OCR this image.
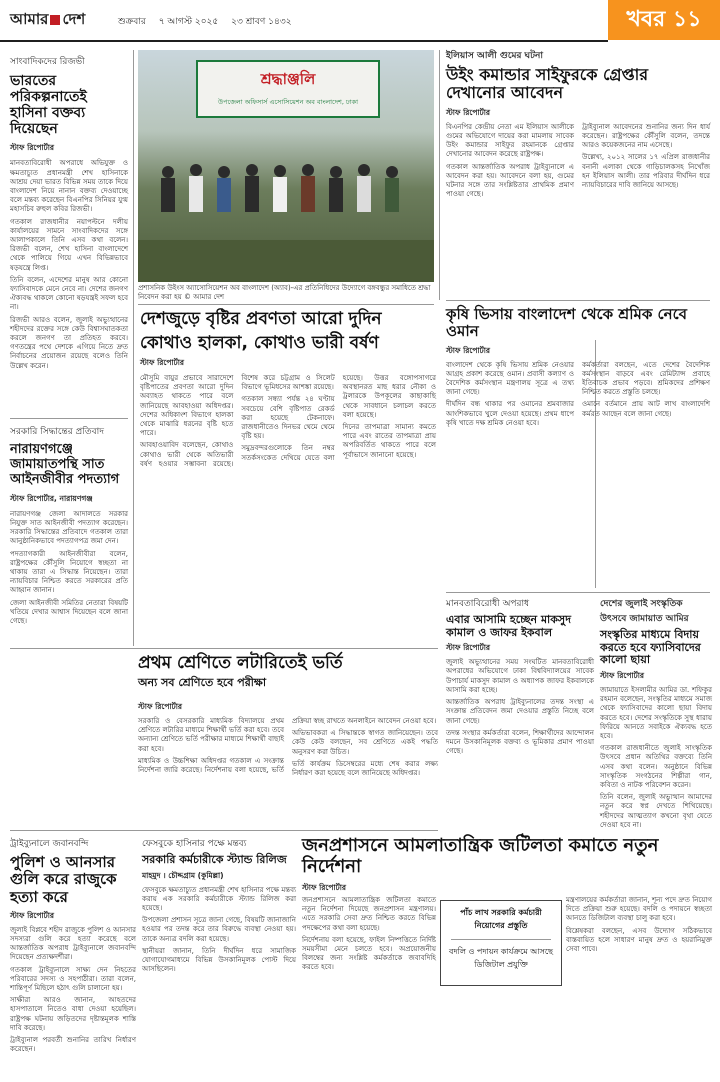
আমার দেশ	শুক্রবার ৭ আগস্ট ২০২৫ ২৩ শ্রাবণ ১৪৩২	খবর ১১
সাংবাদিকদের রিজভী
ভারতের পরিকল্পনাতেই হাসিনা বক্তব্য দিয়েছেন
স্টাফ রিপোর্টার

মানবতাবিরোধী অপরাধে অভিযুক্ত ও ক্ষমতাচ্যুত প্রধানমন্ত্রী শেখ হাসিনাকে আশ্রয় দেয়া ভারত বিভিন্ন সময় তাকে দিয়ে বাংলাদেশ নিয়ে নানান বক্তব্য দেওয়াচ্ছে বলে মন্তব্য করেছেন বিএনপির সিনিয়র যুগ্ম মহাসচিব রুহুল কবির রিজভী।

গতকাল রাজধানীর নয়াপল্টনে দলীয় কার্যালয়ের সামনে সাংবাদিকদের সঙ্গে আলাপকালে তিনি এসব কথা বলেন। রিজভী বলেন, শেখ হাসিনা বাংলাদেশে থেকে পালিয়ে গিয়ে এখন বিভিন্নভাবে ষড়যন্ত্রে লিপ্ত।

তিনি বলেন, এদেশের মানুষ আর কোনো ফ্যাসিবাদকে মেনে নেবে না। দেশের জনগণ ঐক্যবদ্ধ থাকলে কোনো ষড়যন্ত্রই সফল হবে না।

রিজভী আরও বলেন, জুলাই অভ্যুত্থানের শহীদদের রক্তের সঙ্গে কেউ বিশ্বাসঘাতকতা করলে জনগণ তা প্রতিহত করবে। গণতন্ত্রের পথে দেশকে এগিয়ে নিতে দ্রুত নির্বাচনের প্রয়োজন রয়েছে বলেও তিনি উল্লেখ করেন।

সরকারি সিদ্ধান্তের প্রতিবাদ
নারায়ণগঞ্জে জামায়াতপন্থি সাত আইনজীবীর পদত্যাগ
স্টাফ রিপোর্টার, নারায়ণগঞ্জ

নারায়ণগঞ্জ জেলা আদালতে সরকার নিযুক্ত সাত আইনজীবী পদত্যাগ করেছেন। সরকারি সিদ্ধান্তের প্রতিবাদে গতকাল তারা আনুষ্ঠানিকভাবে পদত্যাগপত্র জমা দেন।

পদত্যাগকারী আইনজীবীরা বলেন, রাষ্ট্রপক্ষের কৌঁসুলি নিয়োগে স্বচ্ছতা না থাকায় তারা এ সিদ্ধান্ত নিয়েছেন। তারা ন্যায়বিচার নিশ্চিত করতে সরকারের প্রতি আহ্বান জানান।

জেলা আইনজীবী সমিতির নেতারা বিষয়টি খতিয়ে দেখার আশ্বাস দিয়েছেন বলে জানা গেছে।

শ্রদ্ধাঞ্জলি
উপজেলা অফিসার্স এসোসিয়েশন অব বাংলাদেশ, ঢাকা
প্রশাসনিক উইংস অ্যাসোসিয়েশন অব বাংলাদেশ (অ্যাব)-এর প্রতিনিধিদের উদ্যোগে বঙ্গবন্ধুর সমাধিতে শ্রদ্ধা নিবেদন করা হয় © আমার দেশ
দেশজুড়ে বৃষ্টির প্রবণতা আরো দুদিন
কোথাও হালকা, কোথাও ভারী বর্ষণ
স্টাফ রিপোর্টার

মৌসুমি বায়ুর প্রভাবে সারাদেশে বৃষ্টিপাতের প্রবণতা আরো দুদিন অব্যাহত থাকতে পারে বলে জানিয়েছে আবহাওয়া অধিদপ্তর। দেশের অধিকাংশ বিভাগে হালকা থেকে মাঝারি ধরনের বৃষ্টি হতে পারে।

আবহাওয়াবিদ বলেছেন, কোথাও কোথাও ভারী থেকে অতিভারী বর্ষণ হওয়ার সম্ভাবনা রয়েছে। বিশেষ করে চট্টগ্রাম ও সিলেট বিভাগে ভূমিধসের আশঙ্কা রয়েছে।

গতকাল সন্ধ্যা পর্যন্ত ২৪ ঘণ্টায় সবচেয়ে বেশি বৃষ্টিপাত রেকর্ড করা হয়েছে টেকনাফে। রাজধানীতেও দিনভর থেমে থেমে বৃষ্টি হয়।

সমুদ্রবন্দরগুলোকে তিন নম্বর সতর্কসংকেত দেখিয়ে যেতে বলা হয়েছে। উত্তর বঙ্গোপসাগরে অবস্থানরত মাছ ধরার নৌকা ও ট্রলারকে উপকূলের কাছাকাছি থেকে সাবধানে চলাচল করতে বলা হয়েছে।

দিনের তাপমাত্রা সামান্য কমতে পারে এবং রাতের তাপমাত্রা প্রায় অপরিবর্তিত থাকতে পারে বলে পূর্বাভাসে জানানো হয়েছে।

ইলিয়াস আলী গুমের ঘটনা
উইং কমান্ডার সাইফুরকে গ্রেপ্তার দেখানোর আবেদন
স্টাফ রিপোর্টার

বিএনপির কেন্দ্রীয় নেতা এম ইলিয়াস আলীকে গুমের অভিযোগে দায়ের করা মামলায় সাবেক উইং কমান্ডার সাইফুর রহমানকে গ্রেপ্তার দেখানোর আবেদন করেছে রাষ্ট্রপক্ষ।

গতকাল আন্তর্জাতিক অপরাধ ট্রাইব্যুনালে এ আবেদন করা হয়। আবেদনে বলা হয়, গুমের ঘটনার সঙ্গে তার সংশ্লিষ্টতার প্রাথমিক প্রমাণ পাওয়া গেছে।

ট্রাইব্যুনাল আবেদনের শুনানির জন্য দিন ধার্য করেছেন। রাষ্ট্রপক্ষের কৌঁসুলি বলেন, তদন্তে আরও কয়েকজনের নাম এসেছে।

উল্লেখ্য, ২০১২ সালের ১৭ এপ্রিল রাজধানীর বনানী এলাকা থেকে গাড়িচালকসহ নিখোঁজ হন ইলিয়াস আলী। তার পরিবার দীর্ঘদিন ধরে ন্যায়বিচারের দাবি জানিয়ে আসছে।

কৃষি ভিসায় বাংলাদেশ থেকে শ্রমিক নেবে ওমান
স্টাফ রিপোর্টার

বাংলাদেশ থেকে কৃষি ভিসায় শ্রমিক নেওয়ার আগ্রহ প্রকাশ করেছে ওমান। প্রবাসী কল্যাণ ও বৈদেশিক কর্মসংস্থান মন্ত্রণালয় সূত্রে এ তথ্য জানা গেছে।

দীর্ঘদিন বন্ধ থাকার পর ওমানের শ্রমবাজার আংশিকভাবে খুলে দেওয়া হয়েছে। প্রথম ধাপে কৃষি খাতে দক্ষ শ্রমিক নেওয়া হবে।

কর্মকর্তারা বলছেন, এতে দেশের বৈদেশিক কর্মসংস্থান বাড়বে এবং রেমিট্যান্স প্রবাহে ইতিবাচক প্রভাব পড়বে। শ্রমিকদের প্রশিক্ষণ নিশ্চিত করতে প্রস্তুতি চলছে।

ওমানে বর্তমানে প্রায় আট লাখ বাংলাদেশি কর্মরত আছেন বলে জানা গেছে।

প্রথম শ্রেণিতে লটারিতেই ভর্তি
অন্য সব শ্রেণিতে হবে পরীক্ষা
স্টাফ রিপোর্টার

সরকারি ও বেসরকারি মাধ্যমিক বিদ্যালয়ে প্রথম শ্রেণিতে লটারির মাধ্যমে শিক্ষার্থী ভর্তি করা হবে। তবে অন্যান্য শ্রেণিতে ভর্তি পরীক্ষার মাধ্যমে শিক্ষার্থী বাছাই করা হবে।

মাধ্যমিক ও উচ্চশিক্ষা অধিদপ্তর গতকাল এ সংক্রান্ত নির্দেশনা জারি করেছে। নির্দেশনায় বলা হয়েছে, ভর্তি প্রক্রিয়া স্বচ্ছ রাখতে অনলাইনে আবেদন নেওয়া হবে।

অভিভাবকরা এ সিদ্ধান্তকে স্বাগত জানিয়েছেন। তবে কেউ কেউ বলছেন, সব শ্রেণিতে একই পদ্ধতি অনুসরণ করা উচিত।

ভর্তি কার্যক্রম ডিসেম্বরের মধ্যে শেষ করার লক্ষ্য নির্ধারণ করা হয়েছে বলে জানিয়েছে অধিদপ্তর।

মানবতাবিরোধী অপরাধ
এবার আসামি হচ্ছেন মাকসুদ কামাল ও জাফর ইকবাল
স্টাফ রিপোর্টার

জুলাই অভ্যুত্থানের সময় সংঘটিত মানবতাবিরোধী অপরাধের অভিযোগে ঢাকা বিশ্ববিদ্যালয়ের সাবেক উপাচার্য মাকসুদ কামাল ও অধ্যাপক জাফর ইকবালকে আসামি করা হচ্ছে।

আন্তর্জাতিক অপরাধ ট্রাইব্যুনালের তদন্ত সংস্থা এ সংক্রান্ত প্রতিবেদন জমা দেওয়ার প্রস্তুতি নিচ্ছে বলে জানা গেছে।

তদন্ত সংস্থার কর্মকর্তারা বলেন, শিক্ষার্থীদের আন্দোলন দমনে উসকানিমূলক বক্তব্য ও ভূমিকার প্রমাণ পাওয়া গেছে।

দেশের জুলাই সংস্কৃতিক উৎসবে জামায়াত আমির
সংস্কৃতির মাধ্যমে বিদায় করতে হবে ফ্যাসিবাদের কালো ছায়া
স্টাফ রিপোর্টার

জামায়াতে ইসলামীর আমির ডা. শফিকুর রহমান বলেছেন, সংস্কৃতির মাধ্যমে সমাজ থেকে ফ্যাসিবাদের কালো ছায়া বিদায় করতে হবে। দেশের সংস্কৃতিকে সুস্থ ধারায় ফিরিয়ে আনতে সবাইকে ঐক্যবদ্ধ হতে হবে।

গতকাল রাজধানীতে জুলাই সাংস্কৃতিক উৎসবে প্রধান অতিথির বক্তব্যে তিনি এসব কথা বলেন। অনুষ্ঠানে বিভিন্ন সাংস্কৃতিক সংগঠনের শিল্পীরা গান, কবিতা ও নাটক পরিবেশন করেন।

তিনি বলেন, জুলাই অভ্যুত্থান আমাদের নতুন করে স্বপ্ন দেখতে শিখিয়েছে। শহীদদের আত্মত্যাগ কখনো বৃথা যেতে দেওয়া হবে না।

ট্রাইব্যুনালে জবানবন্দি
পুলিশ ও আনসার গুলি করে রাজুকে হত্যা করে
স্টাফ রিপোর্টার

জুলাই বিপ্লবে শহীদ রাজুকে পুলিশ ও আনসার সদস্যরা গুলি করে হত্যা করেছে বলে আন্তর্জাতিক অপরাধ ট্রাইব্যুনালে জবানবন্দি দিয়েছেন প্রত্যক্ষদর্শীরা।

গতকাল ট্রাইব্যুনালে সাক্ষ্য দেন নিহতের পরিবারের সদস্য ও সহপাঠীরা। তারা বলেন, শান্তিপূর্ণ মিছিলে হঠাৎ গুলি চালানো হয়।

সাক্ষীরা আরও জানান, আহতদের হাসপাতালে নিতেও বাধা দেওয়া হয়েছিল। রাষ্ট্রপক্ষ ঘটনায় জড়িতদের দৃষ্টান্তমূলক শাস্তি দাবি করেছে।

ট্রাইব্যুনাল পরবর্তী শুনানির তারিখ নির্ধারণ করেছেন।

ফেসবুকে হাসিনার পক্ষে মন্তব্য
সরকারি কর্মচারীকে স্ট্যান্ড রিলিজ
মাহমুদ । চৌদ্দগ্রাম (কুমিল্লা)

ফেসবুকে ক্ষমতাচ্যুত প্রধানমন্ত্রী শেখ হাসিনার পক্ষে মন্তব্য করায় এক সরকারি কর্মচারীকে স্ট্যান্ড রিলিজ করা হয়েছে।

উপজেলা প্রশাসন সূত্রে জানা গেছে, বিষয়টি জানাজানি হওয়ার পর তদন্ত করে তার বিরুদ্ধে ব্যবস্থা নেওয়া হয়। তাকে অন্যত্র বদলি করা হয়েছে।

স্থানীয়রা জানান, তিনি দীর্ঘদিন ধরে সামাজিক যোগাযোগমাধ্যমে বিভিন্ন উসকানিমূলক পোস্ট দিয়ে আসছিলেন।

জনপ্রশাসনে আমলাতান্ত্রিক জটিলতা কমাতে নতুন নির্দেশনা
স্টাফ রিপোর্টার
পাঁচ লাখ সরকারি কর্মচারী নিয়োগের প্রস্তুতি
বদলি ও পদায়ন কার্যক্রমে আসছে ডিজিটাল প্রযুক্তি

জনপ্রশাসনে আমলাতান্ত্রিক জটিলতা কমাতে নতুন নির্দেশনা দিয়েছে জনপ্রশাসন মন্ত্রণালয়। এতে সরকারি সেবা দ্রুত নিশ্চিত করতে বিভিন্ন পদক্ষেপের কথা বলা হয়েছে।

নির্দেশনায় বলা হয়েছে, ফাইল নিষ্পত্তিতে নির্দিষ্ট সময়সীমা মেনে চলতে হবে। অপ্রয়োজনীয় বিলম্বের জন্য সংশ্লিষ্ট কর্মকর্তাকে জবাবদিহি করতে হবে।

মন্ত্রণালয়ের কর্মকর্তারা জানান, শূন্য পদে দ্রুত নিয়োগ দিতে প্রক্রিয়া শুরু হয়েছে। বদলি ও পদায়নে স্বচ্ছতা আনতে ডিজিটাল ব্যবস্থা চালু করা হবে।

বিশ্লেষকরা বলছেন, এসব উদ্যোগ সঠিকভাবে বাস্তবায়িত হলে সাধারণ মানুষ দ্রুত ও হয়রানিমুক্ত সেবা পাবে।
